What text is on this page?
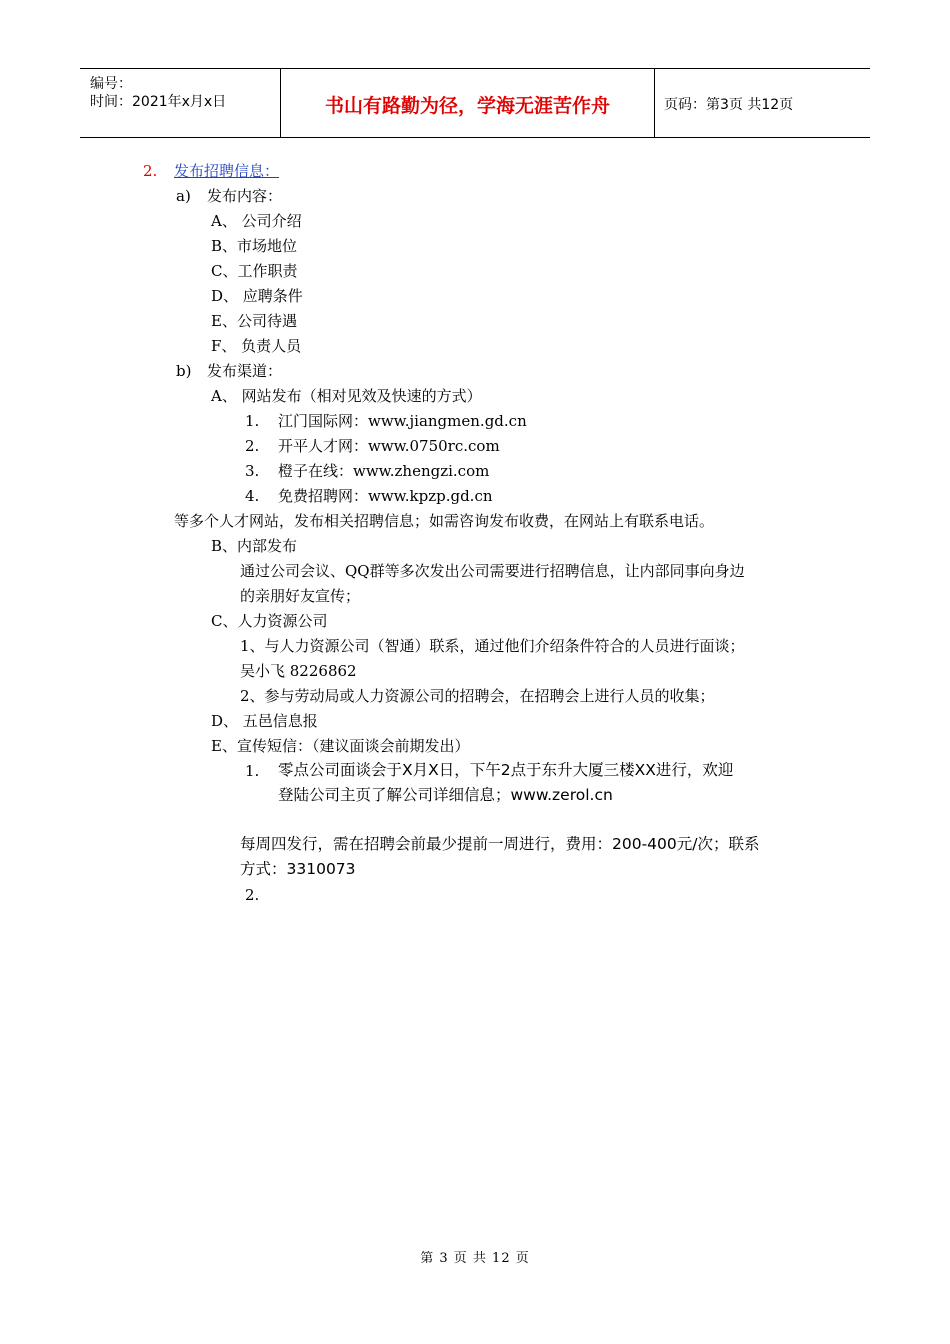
编号：
时间：2021年x月x日	书山有路勤为径，学海无涯苦作舟	页码：第3页 共12页
2. 发布招聘信息：
a) 发布内容：
A、 公司介绍
B、市场地位
C、工作职责
D、 应聘条件
E、公司待遇
F、 负责人员
b) 发布渠道：
A、 网站发布（相对见效及快速的方式）
1. 江门国际网：www.jiangmen.gd.cn
2. 开平人才网：www.0750rc.com
3. 橙子在线：www.zhengzi.com
4. 免费招聘网：www.kpzp.gd.cn
等多个人才网站，发布相关招聘信息；如需咨询发布收费，在网站上有联系电话。
B、内部发布
通过公司会议、QQ群等多次发出公司需要进行招聘信息，让内部同事向身边
的亲朋好友宣传；
C、人力资源公司
1、与人力资源公司（智通）联系，通过他们介绍条件符合的人员进行面谈；
吴小飞 8226862
2、参与劳动局或人力资源公司的招聘会，在招聘会上进行人员的收集；
D、 五邑信息报
E、宣传短信：（建议面谈会前期发出）
1. 零点公司面谈会于X月X日，下午2点于东升大厦三楼XX进行，欢迎
登陆公司主页了解公司详细信息；www.zerol.cn
每周四发行，需在招聘会前最少提前一周进行，费用：200-400元/次；联系
方式：3310073
2.
第 3 页 共 12 页
